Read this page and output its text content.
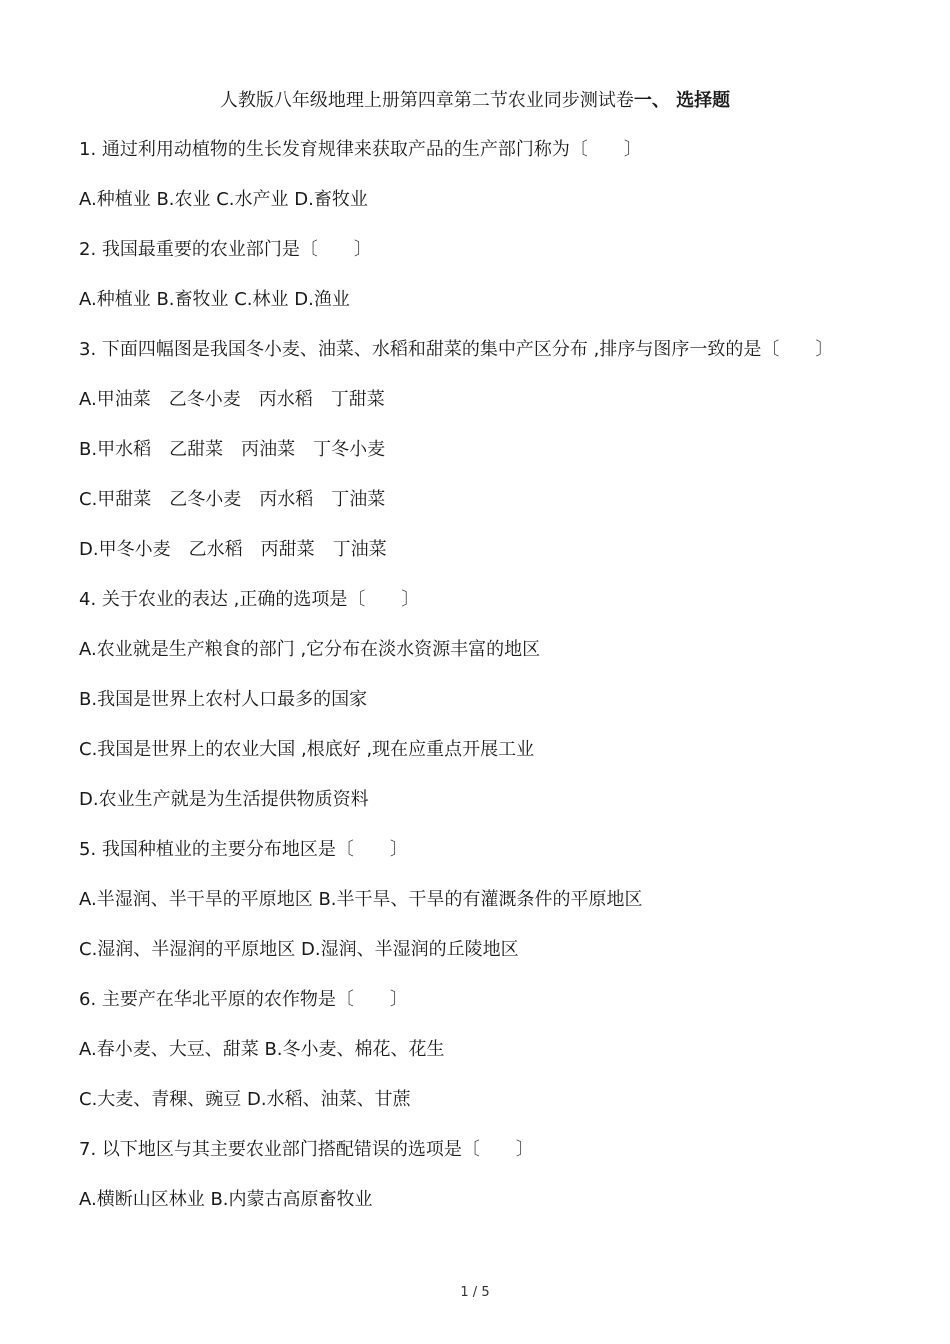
人教版八年级地理上册第四章第二节农业同步测试卷一、 选择题
1. 通过利用动植物的生长发育规律来获取产品的生产部门称为〔　　〕
A.种植业 B.农业 C.水产业 D.畜牧业
2. 我国最重要的农业部门是〔　　〕
A.种植业 B.畜牧业 C.林业 D.渔业
3. 下面四幅图是我国冬小麦、油菜、水稻和甜菜的集中产区分布 ,排序与图序一致的是〔　　〕
A.甲油菜　乙冬小麦　丙水稻　丁甜菜
B.甲水稻　乙甜菜　丙油菜　丁冬小麦
C.甲甜菜　乙冬小麦　丙水稻　丁油菜
D.甲冬小麦　乙水稻　丙甜菜　丁油菜
4. 关于农业的表达 ,正确的选项是〔　　〕
A.农业就是生产粮食的部门 ,它分布在淡水资源丰富的地区
B.我国是世界上农村人口最多的国家
C.我国是世界上的农业大国 ,根底好 ,现在应重点开展工业
D.农业生产就是为生活提供物质资料
5. 我国种植业的主要分布地区是〔　　〕
A.半湿润、半干旱的平原地区 B.半干旱、干旱的有灌溉条件的平原地区
C.湿润、半湿润的平原地区 D.湿润、半湿润的丘陵地区
6. 主要产在华北平原的农作物是〔　　〕
A.春小麦、大豆、甜菜 B.冬小麦、棉花、花生
C.大麦、青稞、豌豆 D.水稻、油菜、甘蔗
7. 以下地区与其主要农业部门搭配错误的选项是〔　　〕
A.横断山区林业 B.内蒙古高原畜牧业
1 / 5
